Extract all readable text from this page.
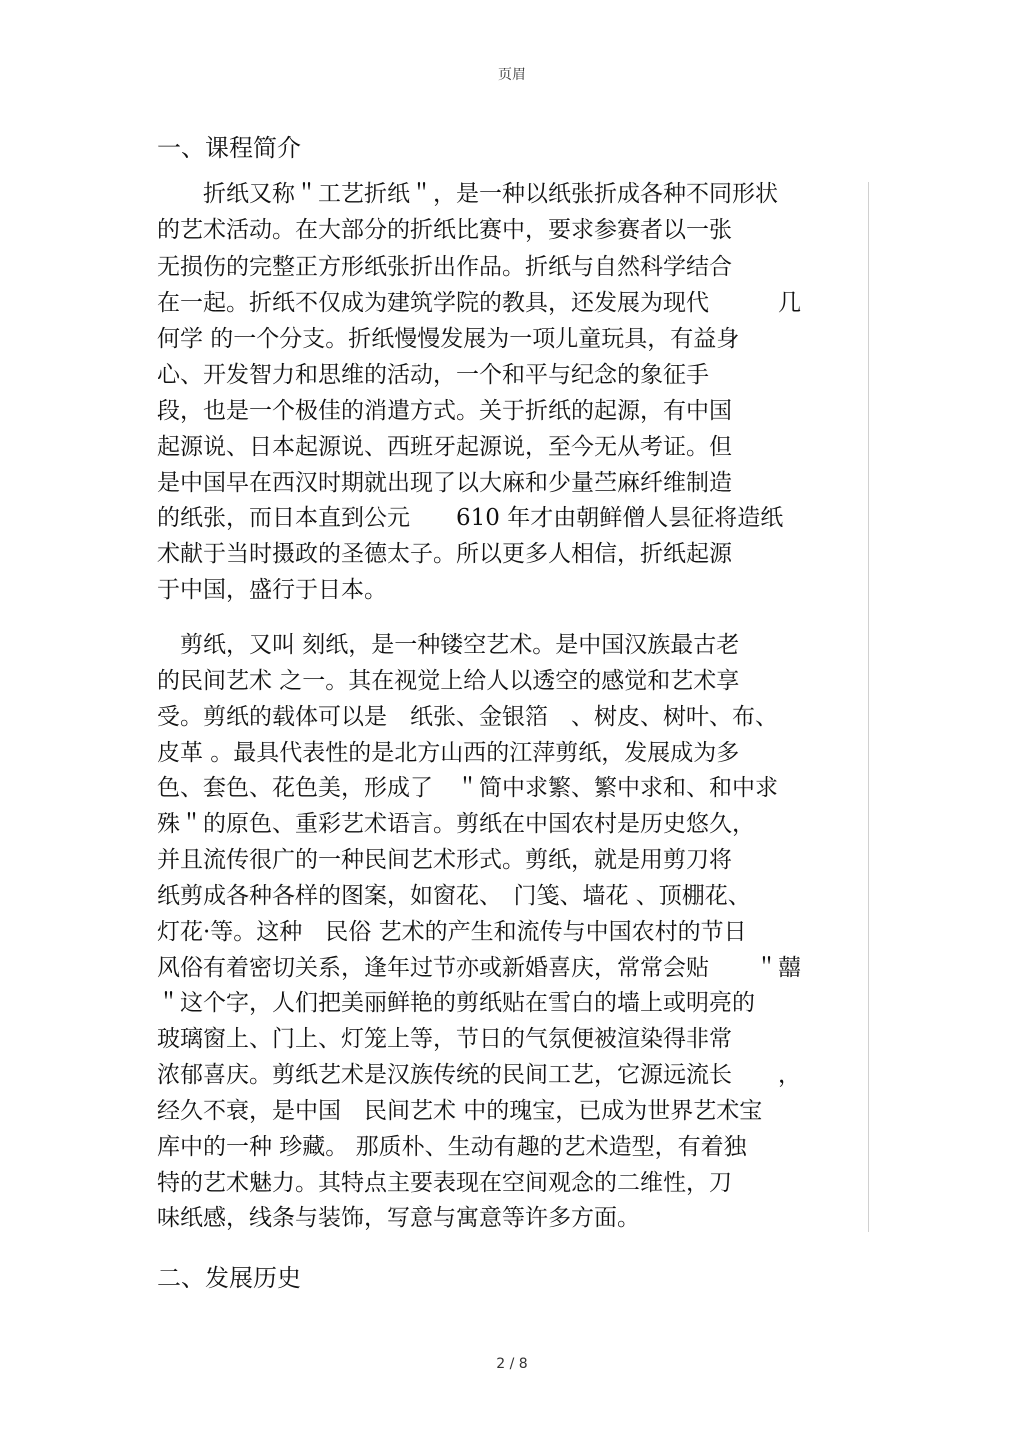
页眉
一、课程简介
　　折纸又称＂工艺折纸＂，是一种以纸张折成各种不同形状
的艺术活动。在大部分的折纸比赛中，要求参赛者以一张
无损伤的完整正方形纸张折出作品。折纸与自然科学结合
在一起。折纸不仅成为建筑学院的教具，还发展为现代　　　几
何学 的一个分支。折纸慢慢发展为一项儿童玩具，有益身
心、开发智力和思维的活动，一个和平与纪念的象征手
段，也是一个极佳的消遣方式。关于折纸的起源，有中国
起源说、日本起源说、西班牙起源说，至今无从考证。但
是中国早在西汉时期就出现了以大麻和少量苎麻纤维制造
的纸张，而日本直到公元　　610 年才由朝鲜僧人昙征将造纸
术献于当时摄政的圣德太子。所以更多人相信，折纸起源
于中国，盛行于日本。
　剪纸，又叫 刻纸，是一种镂空艺术。是中国汉族最古老
的民间艺术 之一。其在视觉上给人以透空的感觉和艺术享
受。剪纸的载体可以是　纸张、金银箔　、树皮、树叶、布、
皮革 。最具代表性的是北方山西的江萍剪纸，发展成为多
色、套色、花色美，形成了　＂简中求繁、繁中求和、和中求
殊＂的原色、重彩艺术语言。剪纸在中国农村是历史悠久，
并且流传很广的一种民间艺术形式。剪纸，就是用剪刀将
纸剪成各种各样的图案，如窗花、　门笺、墙花 、顶棚花、
灯花·等。这种　民俗 艺术的产生和流传与中国农村的节日
风俗有着密切关系，逢年过节亦或新婚喜庆，常常会贴　　＂囍
＂这个字，人们把美丽鲜艳的剪纸贴在雪白的墙上或明亮的
玻璃窗上、门上、灯笼上等，节日的气氛便被渲染得非常
浓郁喜庆。剪纸艺术是汉族传统的民间工艺，它源远流长　　，
经久不衰，是中国　民间艺术 中的瑰宝，已成为世界艺术宝
库中的一种 珍藏。 那质朴、生动有趣的艺术造型，有着独
特的艺术魅力。其特点主要表现在空间观念的二维性，刀
味纸感，线条与装饰，写意与寓意等许多方面。
二、发展历史
2 / 8
